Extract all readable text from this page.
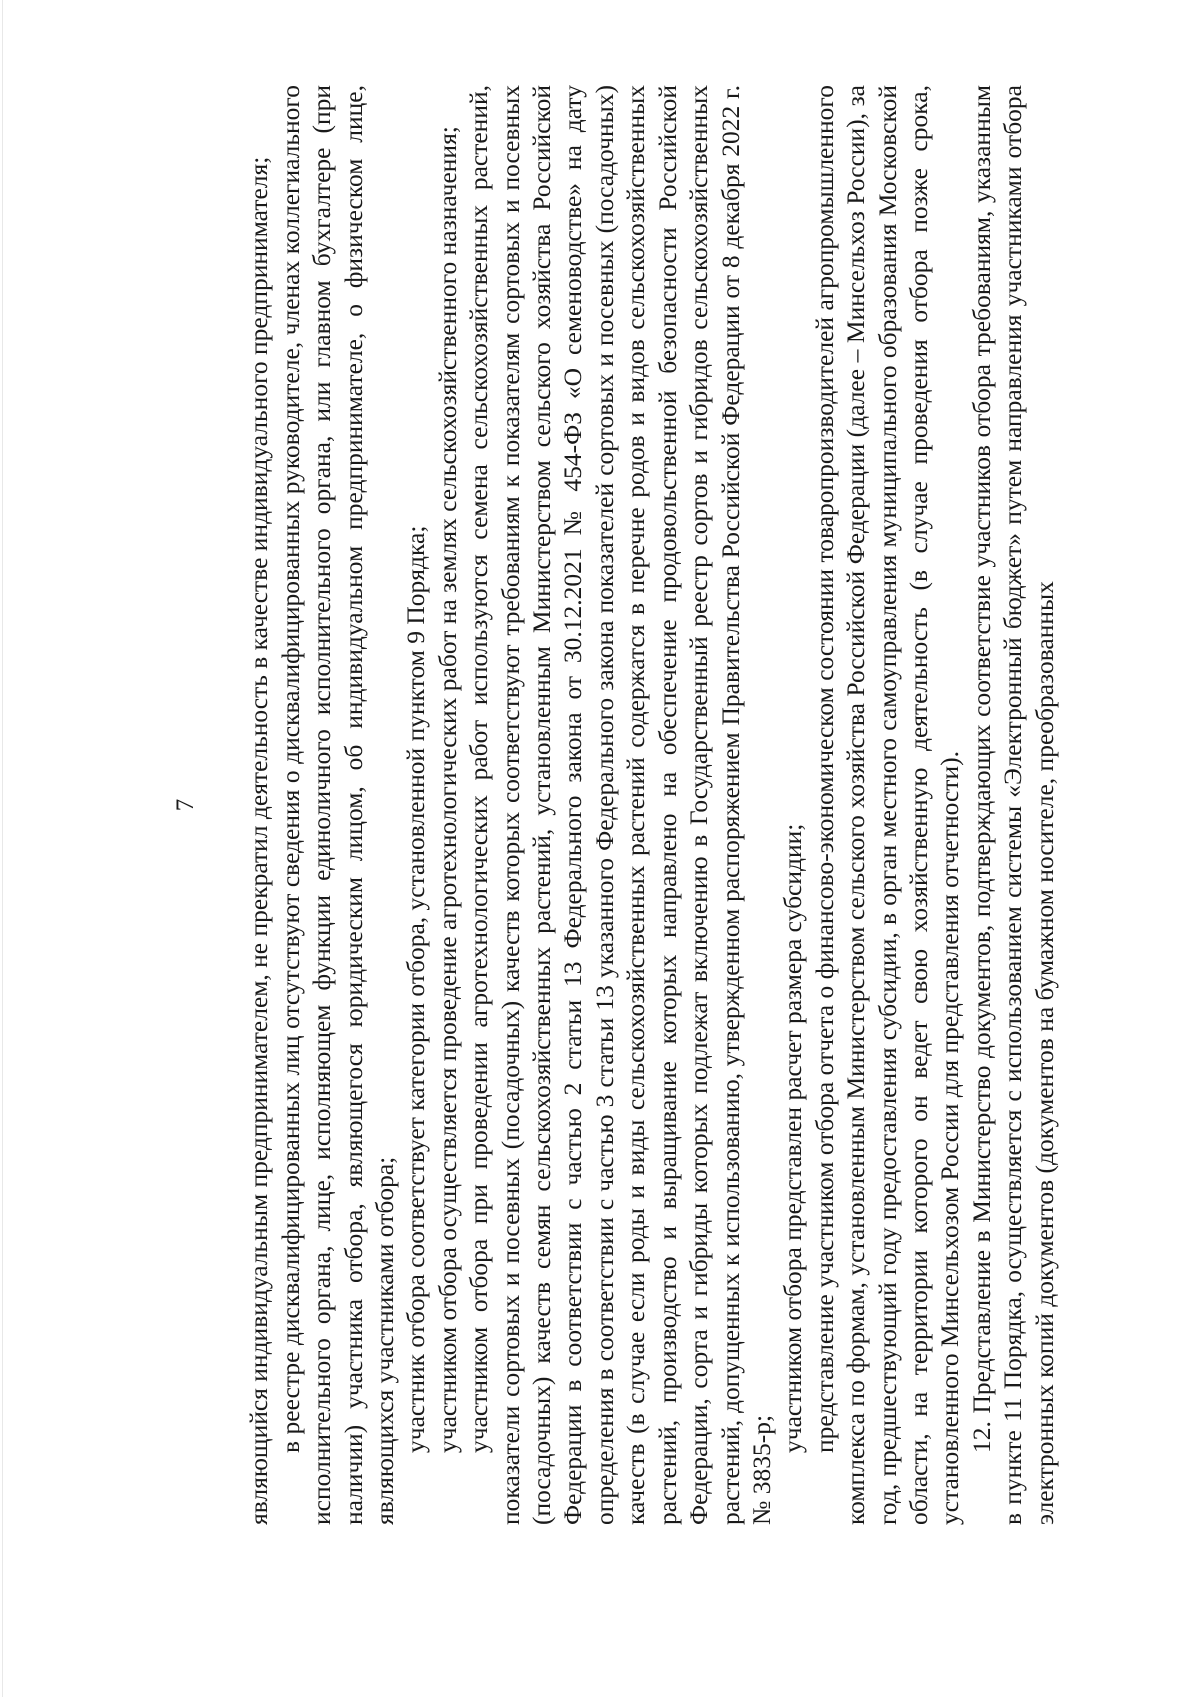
7 являющийся индивидуальным предпринимателем, не прекратил деятельность в качестве индивидуального предпринимателя; в реестре дисквалифицированных лиц отсутствуют сведения о дисквалифицированных руководителе, членах коллегиального исполнительного органа, лице, исполняющем функции единоличного исполнительного органа, или главном бухгалтере (при наличии) участника отбора, являющегося юридическим лицом, об индивидуальном предпринимателе, о физическом лице, являющихся участниками отбора; участник отбора соответствует категории отбора, установленной пунктом 9 Порядка; участником отбора осуществляется проведение агротехнологических работ на землях сельскохозяйственного назначения; участником отбора при проведении агротехнологических работ используются семена сельскохозяйственных растений, показатели сортовых и посевных (посадочных) качеств которых соответствуют требованиям к показателям сортовых и посевных (посадочных) качеств семян сельскохозяйственных растений, установленным Министерством сельского хозяйства Российской Федерации в соответствии с частью 2 статьи 13 Федерального закона от 30.12.2021 № 454-ФЗ «О семеноводстве» на дату определения в соответствии с частью 3 статьи 13 указанного Федерального закона показателей сортовых и посевных (посадочных) качеств (в случае если роды и виды сельскохозяйственных растений содержатся в перечне родов и видов сельскохозяйственных растений, производство и выращивание которых направлено на обеспечение продовольственной безопасности Российской Федерации, сорта и гибриды которых подлежат включению в Государственный реестр сортов и гибридов сельскохозяйственных растений, допущенных к использованию, утвержденном распоряжением Правительства Российской Федерации от 8 декабря 2022 г. № 3835-р;

участником отбора представлен расчет размера субсидии; представление участником отбора отчета о финансово-экономическом состоянии товаропроизводителей агропромышленного комплекса по формам, установленным Министерством сельского хозяйства Российской Федерации (далее – Минсельхоз России), за год, предшествующий году предоставления субсидии, в орган местного самоуправления муниципального образования Московской области, на территории которого он ведет свою хозяйственную деятельность (в случае проведения отбора позже срока, установленного Минсельхозом России для представления отчетности). 12. Представление в Министерство документов, подтверждающих соответствие участников отбора требованиям, указанным в пункте 11 Порядка, осуществляется с использованием системы «Электронный бюджет» путем направления участниками отбора электронных копий документов (документов на бумажном носителе, преобразованных
